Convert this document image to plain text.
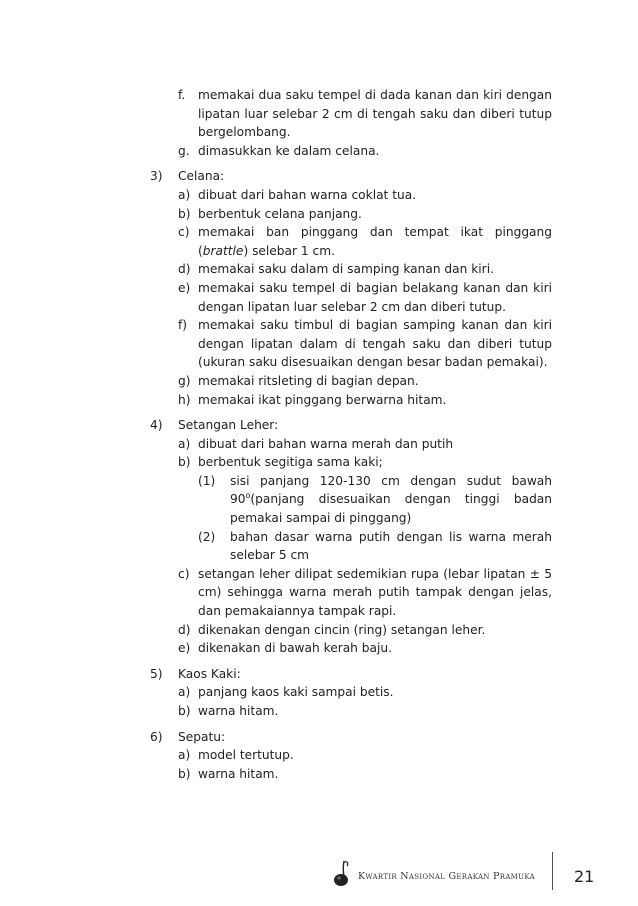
f. memakai dua saku tempel di dada kanan dan kiri dengan lipatan luar selebar 2 cm di tengah saku dan diberi tutup bergelombang.
g. dimasukkan ke dalam celana.
3) Celana:
a) dibuat dari bahan warna coklat tua.
b) berbentuk celana panjang.
c) memakai ban pinggang dan tempat ikat pinggang (brattle) selebar 1 cm.
d) memakai saku dalam di samping kanan dan kiri.
e) memakai saku tempel di bagian belakang kanan dan kiri dengan lipatan luar selebar 2 cm dan diberi tutup.
f) memakai saku timbul di bagian samping kanan dan kiri dengan lipatan dalam di tengah saku dan diberi tutup (ukuran saku disesuaikan dengan besar badan pemakai).
g) memakai ritsleting di bagian depan.
h) memakai ikat pinggang berwarna hitam.
4) Setangan Leher:
a) dibuat dari bahan warna merah dan putih
b) berbentuk segitiga sama kaki;
(1) sisi panjang 120-130 cm dengan sudut bawah 90$^o$(panjang disesuaikan dengan tinggi badan pemakai sampai di pinggang)
(2) bahan dasar warna putih dengan lis warna merah selebar 5 cm
c) setangan leher dilipat sedemikian rupa (lebar lipatan ± 5 cm) sehingga warna merah putih tampak dengan jelas, dan pemakaiannya tampak rapi.
d) dikenakan dengan cincin (ring) setangan leher.
e) dikenakan di bawah kerah baju.
5) Kaos Kaki:
a) panjang kaos kaki sampai betis.
b) warna hitam.
6) Sepatu:
a) model tertutup.
b) warna hitam.
Kwartir Nasional Gerakan Pramuka 21
